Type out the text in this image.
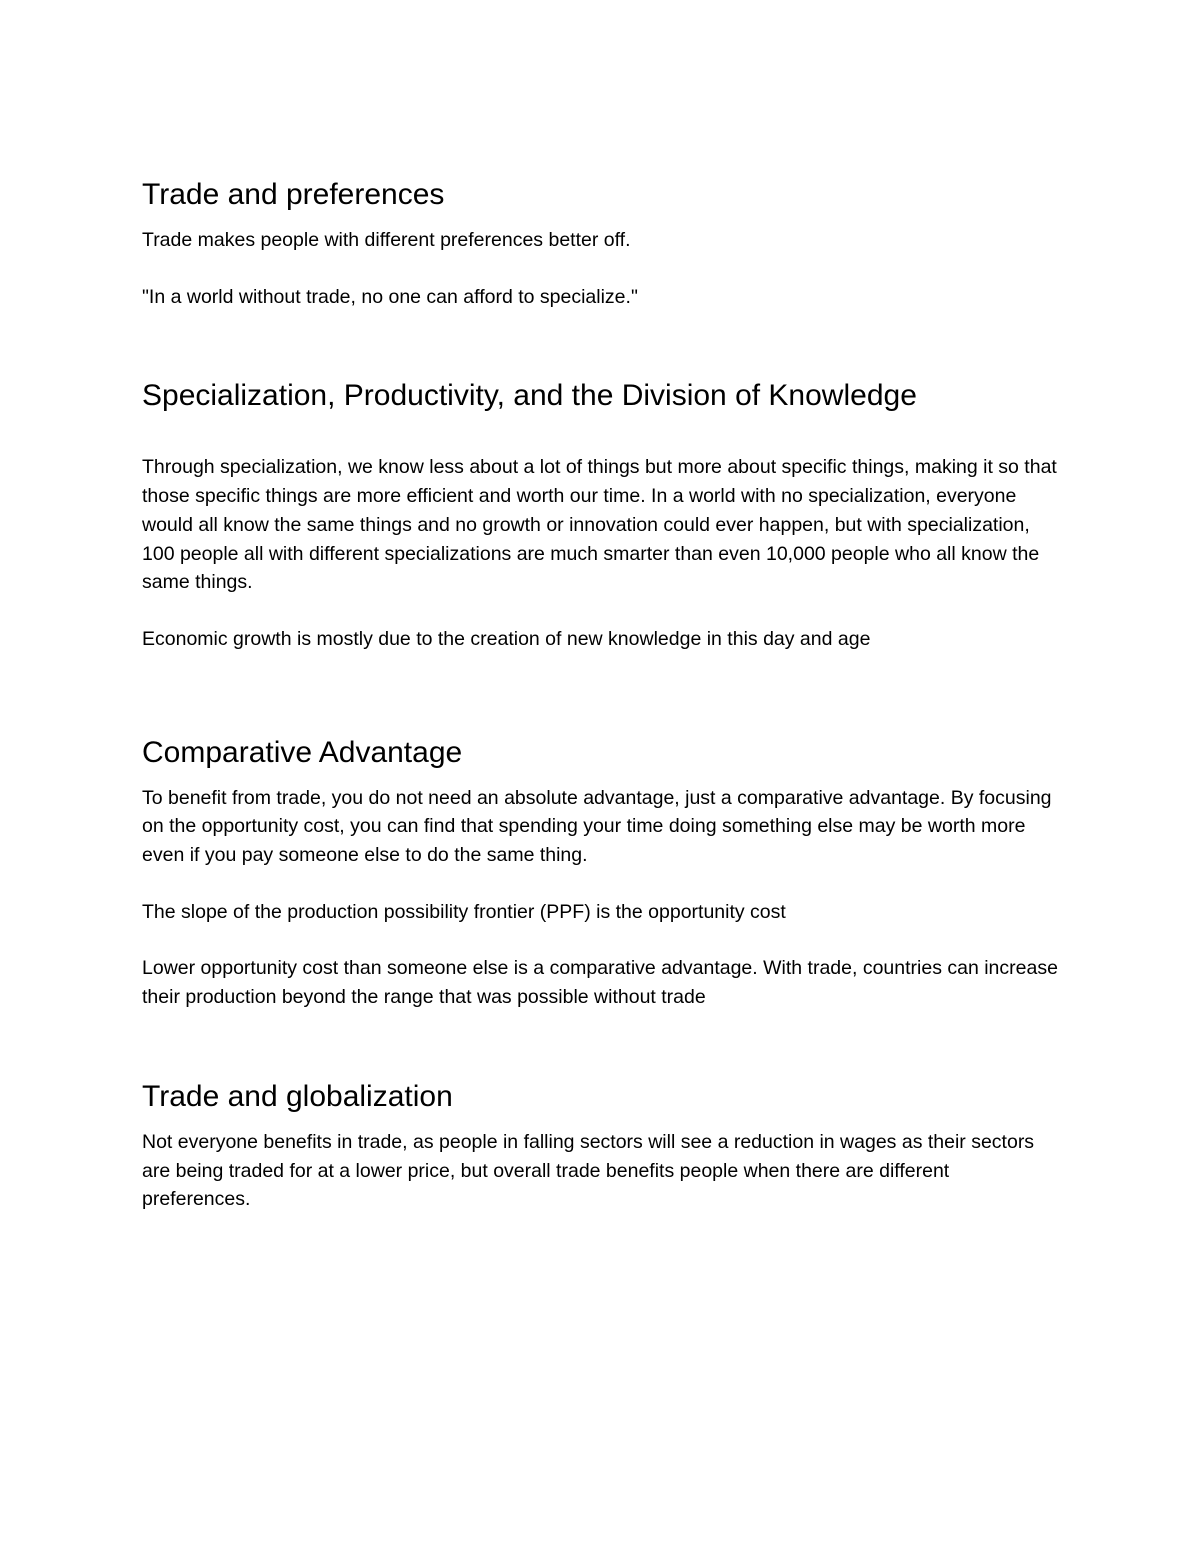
Trade and preferences

Trade makes people with different preferences better off.

"In a world without trade, no one can afford to specialize."

Specialization, Productivity, and the Division of Knowledge

Through specialization, we know less about a lot of things but more about specific things, making it so that those specific things are more efficient and worth our time. In a world with no specialization, everyone would all know the same things and no growth or innovation could ever happen, but with specialization, 100 people all with different specializations are much smarter than even 10,000 people who all know the same things.

Economic growth is mostly due to the creation of new knowledge in this day and age

Comparative Advantage

To benefit from trade, you do not need an absolute advantage, just a comparative advantage. By focusing on the opportunity cost, you can find that spending your time doing something else may be worth more even if you pay someone else to do the same thing.

The slope of the production possibility frontier (PPF) is the opportunity cost

Lower opportunity cost than someone else is a comparative advantage. With trade, countries can increase their production beyond the range that was possible without trade

Trade and globalization

Not everyone benefits in trade, as people in falling sectors will see a reduction in wages as their sectors are being traded for at a lower price, but overall trade benefits people when there are different preferences.
